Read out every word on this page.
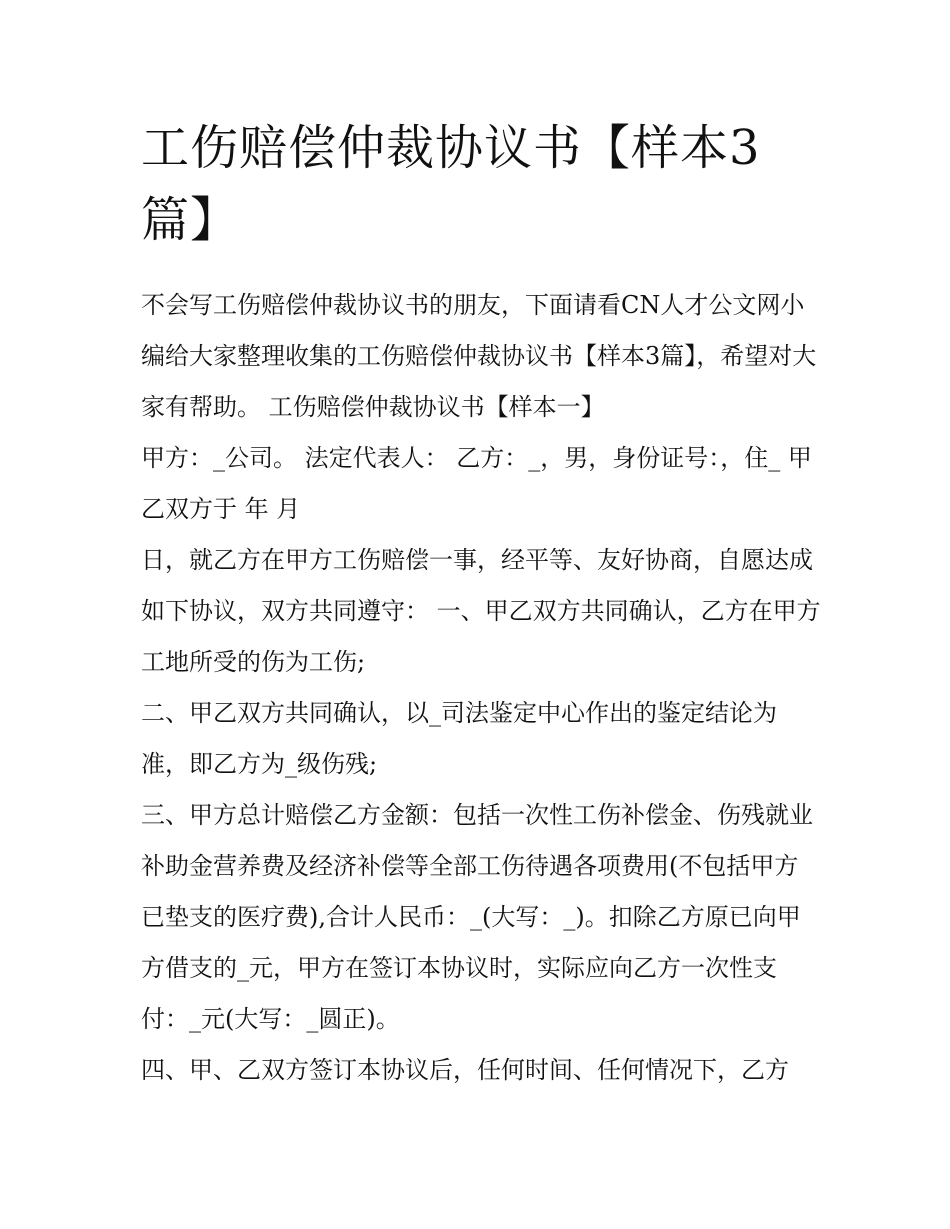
工伤赔偿仲裁协议书【样本3篇】

不会写工伤赔偿仲裁协议书的朋友，下面请看CN人才公文网小编给大家整理收集的工伤赔偿仲裁协议书【样本3篇】，希望对大家有帮助。 工伤赔偿仲裁协议书【样本一】

甲方：_公司。 法定代表人： 乙方：_，男，身份证号：，住_ 甲乙双方于 年 月

日，就乙方在甲方工伤赔偿一事，经平等、友好协商，自愿达成如下协议，双方共同遵守： 一、甲乙双方共同确认，乙方在甲方工地所受的伤为工伤;

二、甲乙双方共同确认，以_司法鉴定中心作出的鉴定结论为准，即乙方为_级伤残;

三、甲方总计赔偿乙方金额：包括一次性工伤补偿金、伤残就业补助金营养费及经济补偿等全部工伤待遇各项费用(不包括甲方已垫支的医疗费),合计人民币：_(大写：_)。扣除乙方原已向甲方借支的_元，甲方在签订本协议时，实际应向乙方一次性支付：_元(大写：_圆正)。

四、甲、乙双方签订本协议后，任何时间、任何情况下，乙方
